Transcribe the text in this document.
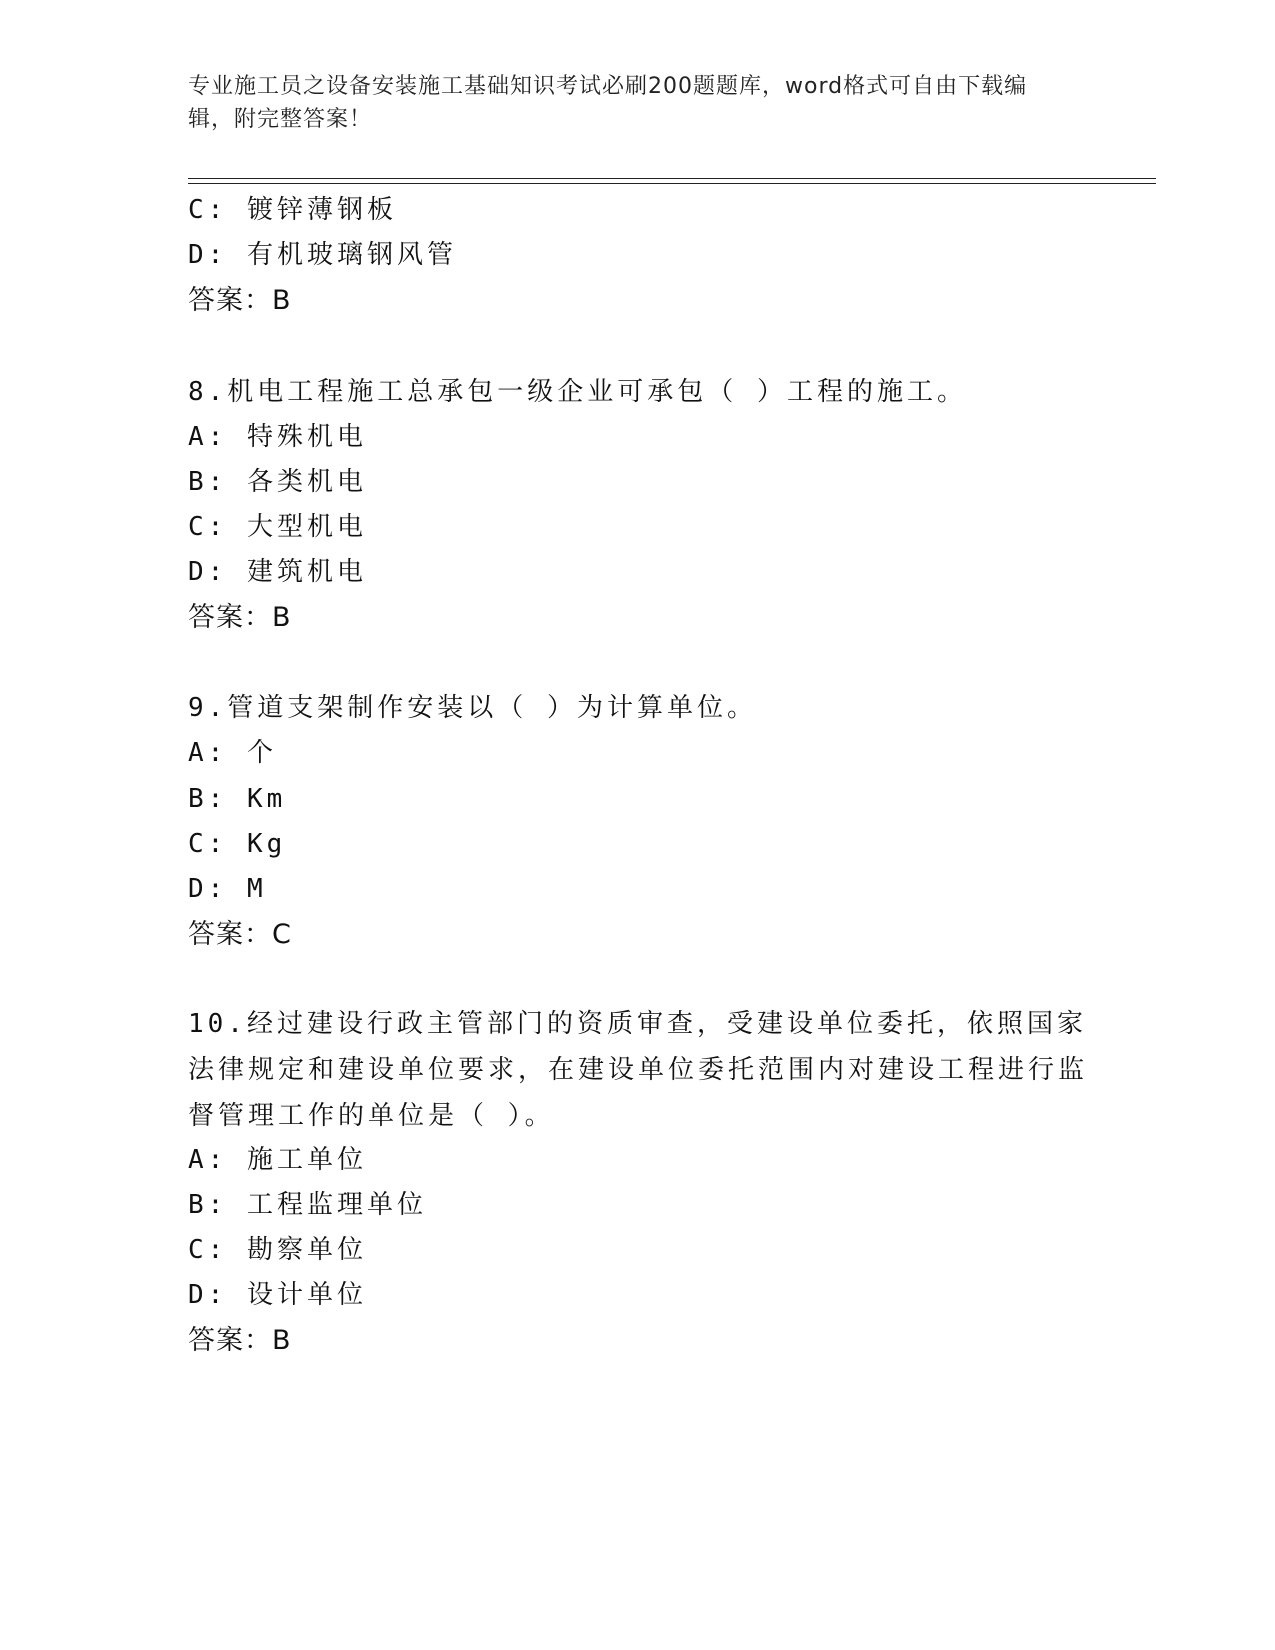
专业施工员之设备安装施工基础知识考试必刷200题题库，word格式可自由下载编辑，附完整答案！
C: 镀锌薄钢板
D: 有机玻璃钢风管
答案：B
8.机电工程施工总承包一级企业可承包（ ）工程的施工。
A: 特殊机电
B: 各类机电
C: 大型机电
D: 建筑机电
答案：B
9.管道支架制作安装以（ ）为计算单位。
A: 个
B: Km
C: Kg
D: M
答案：C
10.经过建设行政主管部门的资质审查，受建设单位委托，依照国家法律规定和建设单位要求，在建设单位委托范围内对建设工程进行监督管理工作的单位是（ ）。
A: 施工单位
B: 工程监理单位
C: 勘察单位
D: 设计单位
答案：B
